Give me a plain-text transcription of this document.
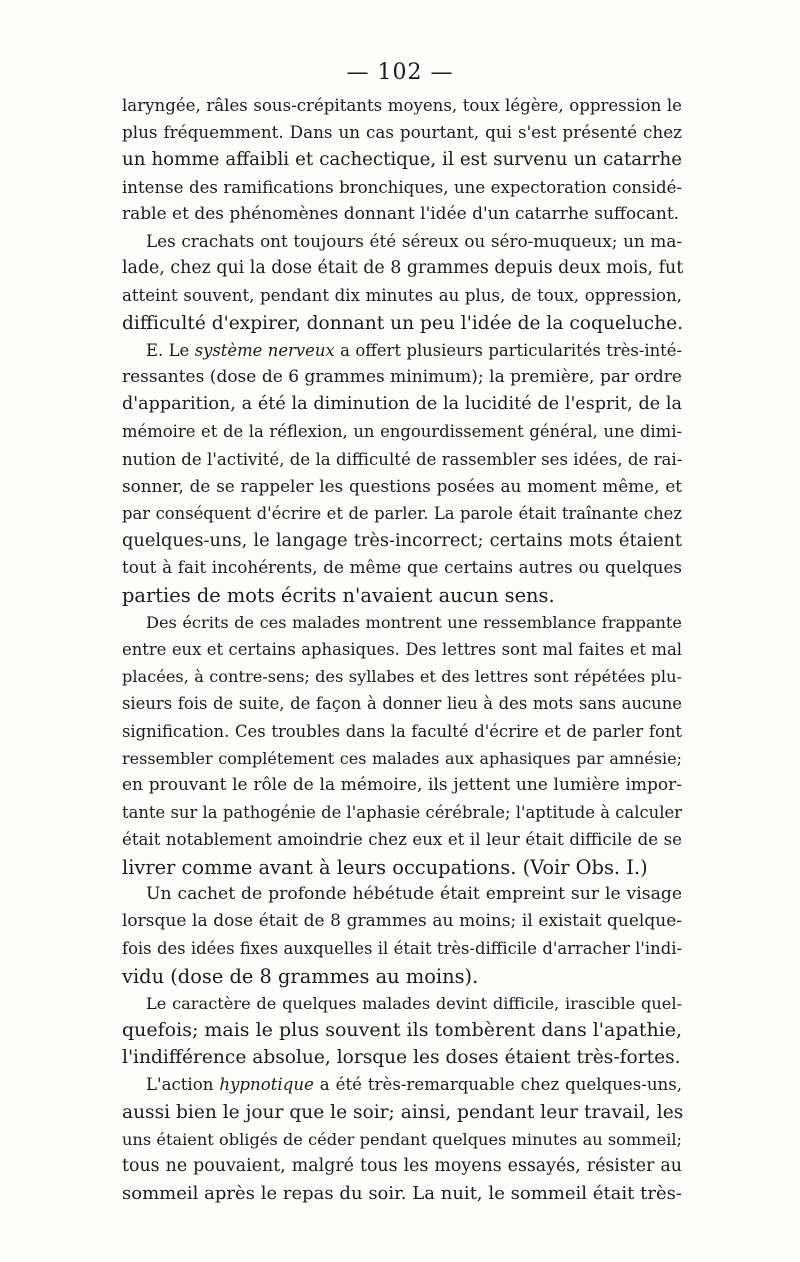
— 102 —
laryngée, râles sous-crépitants moyens, toux légère, oppression le
plus fréquemment. Dans un cas pourtant, qui s'est présenté chez
un homme affaibli et cachectique, il est survenu un catarrhe
intense des ramifications bronchiques, une expectoration considé-
rable et des phénomènes donnant l'idée d'un catarrhe suffocant.
Les crachats ont toujours été séreux ou séro-muqueux; un ma-
lade, chez qui la dose était de 8 grammes depuis deux mois, fut
atteint souvent, pendant dix minutes au plus, de toux, oppression,
difficulté d'expirer, donnant un peu l'idée de la coqueluche.
E. Le système nerveux a offert plusieurs particularités très-inté-
ressantes (dose de 6 grammes minimum); la première, par ordre
d'apparition, a été la diminution de la lucidité de l'esprit, de la
mémoire et de la réflexion, un engourdissement général, une dimi-
nution de l'activité, de la difficulté de rassembler ses idées, de rai-
sonner, de se rappeler les questions posées au moment même, et
par conséquent d'écrire et de parler. La parole était traînante chez
quelques-uns, le langage très-incorrect; certains mots étaient
tout à fait incohérents, de même que certains autres ou quelques
parties de mots écrits n'avaient aucun sens.
Des écrits de ces malades montrent une ressemblance frappante
entre eux et certains aphasiques. Des lettres sont mal faites et mal
placées, à contre-sens; des syllabes et des lettres sont répétées plu-
sieurs fois de suite, de façon à donner lieu à des mots sans aucune
signification. Ces troubles dans la faculté d'écrire et de parler font
ressembler complétement ces malades aux aphasiques par amnésie;
en prouvant le rôle de la mémoire, ils jettent une lumière impor-
tante sur la pathogénie de l'aphasie cérébrale; l'aptitude à calculer
était notablement amoindrie chez eux et il leur était difficile de se
livrer comme avant à leurs occupations. (Voir Obs. I.)
Un cachet de profonde hébétude était empreint sur le visage
lorsque la dose était de 8 grammes au moins; il existait quelque-
fois des idées fixes auxquelles il était très-difficile d'arracher l'indi-
vidu (dose de 8 grammes au moins).
Le caractère de quelques malades devint difficile, irascible quel-
quefois; mais le plus souvent ils tombèrent dans l'apathie,
l'indifférence absolue, lorsque les doses étaient très-fortes.
L'action hypnotique a été très-remarquable chez quelques-uns,
aussi bien le jour que le soir; ainsi, pendant leur travail, les
uns étaient obligés de céder pendant quelques minutes au sommeil;
tous ne pouvaient, malgré tous les moyens essayés, résister au
sommeil après le repas du soir. La nuit, le sommeil était très-
